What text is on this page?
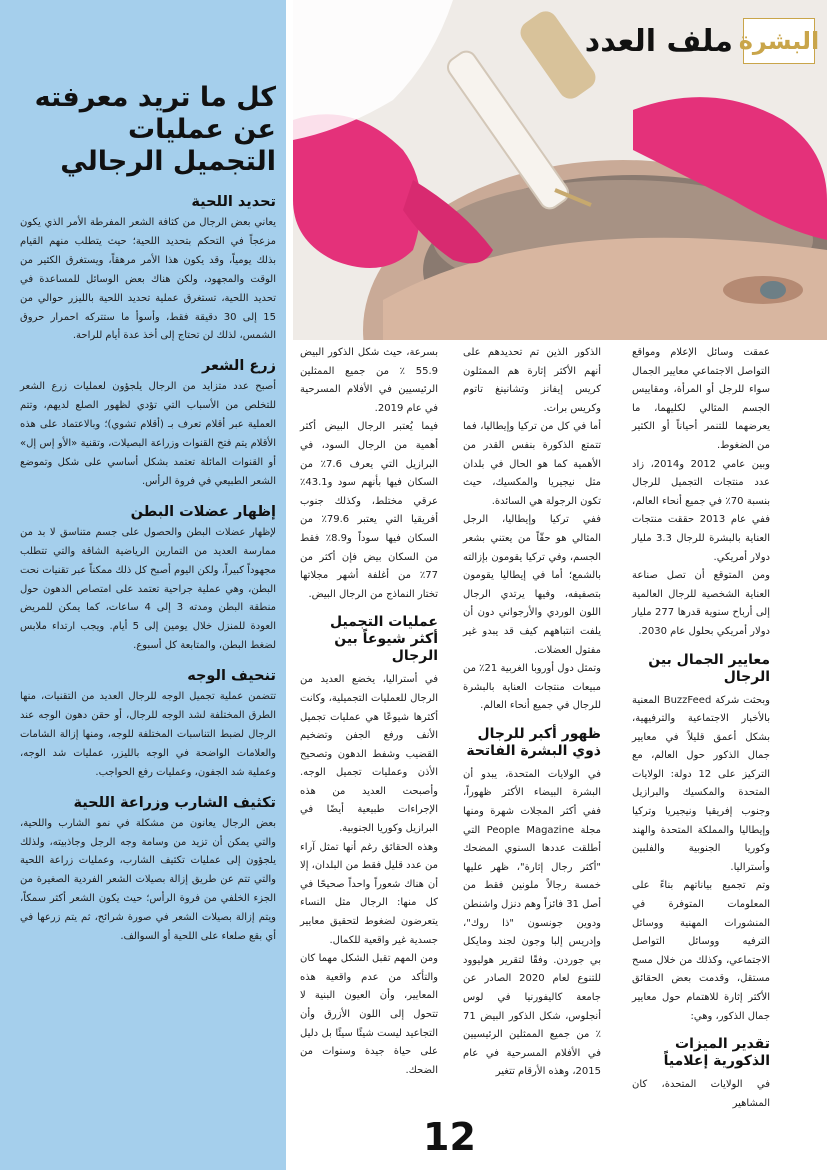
كل ما تريد معرفته عن عمليات التجميل الرجالي
تحديد اللحية

يعاني بعض الرجال من كثافة الشعر المفرطة الأمر الذي يكون مزعجاً في التحكم بتحديد اللحية؛ حيث يتطلب منهم القيام بذلك يومياً، وقد يكون هذا الأمر مرهقاً، ويستغرق الكثير من الوقت والمجهود، ولكن هناك بعض الوسائل للمساعدة في تحديد اللحية، تستغرق عملية تحديد اللحية بالليزر حوالي من 15 إلى 30 دقيقة فقط، وأسوأ ما ستتركه احمرار حروق الشمس، لذلك لن تحتاج إلى أخذ عدة أيام للراحة.

زرع الشعر

أصبح عدد متزايد من الرجال يلجؤون لعمليات زرع الشعر للتخلص من الأسباب التي تؤدي لظهور الصلع لديهم، وتتم العملية عبر أقلام تعرف بـ (أقلام تشوي)؛ وبالاعتماد على هذه الأقلام يتم فتح القنوات وزراعة البصيلات، وتقنية «الأو إس إل» أو القنوات المائلة تعتمد بشكل أساسي على شكل وتموضع الشعر الطبيعي في فروة الرأس.

إظهار عضلات البطن

لإظهار عضلات البطن والحصول على جسم متناسق لا بد من ممارسة العديد من التمارين الرياضية الشاقة والتي تتطلب مجهوداً كبيراً، ولكن اليوم أصبح كل ذلك ممكناً عبر تقنيات نحت البطن، وهي عملية جراحية تعتمد على امتصاص الدهون حول منطقة البطن ومدته 3 إلى 4 ساعات، كما يمكن للمريض العودة للمنزل خلال يومين إلى 5 أيام. ويجب ارتداء ملابس لضغط البطن، والمتابعة كل أسبوع.

تنحيف الوجه

تتضمن عملية تجميل الوجه للرجال العديد من التقنيات، منها الطرق المختلفة لشد الوجه للرجال، أو حقن دهون الوجه عند الرجال لضبط التناسبات المختلفة للوجه، ومنها إزالة الشامات والعلامات الواضحة في الوجه بالليزر، عمليات شد الوجه، وعملية شد الجفون، وعمليات رفع الحواجب.

تكثيف الشارب وزراعة اللحية

بعض الرجال يعانون من مشكلة في نمو الشارب واللحية، والتي يمكن أن تزيد من وسامة وجه الرجل وجاذبيته، ولذلك يلجؤون إلى عمليات تكثيف الشارب، وعمليات زراعة اللحية والتي تتم عن طريق إزالة بصيلات الشعر الفردية الصغيرة من الجزء الخلفي من فروة الرأس؛ حيث يكون الشعر أكثر سمكاً، ويتم إزالة بصيلات الشعر في صورة شرائح، ثم يتم زرعها في أي بقع صلعاء على اللحية أو السوالف.

البشرة
ملف العدد

عمقت وسائل الإعلام ومواقع التواصل الاجتماعي معايير الجمال سواء للرجل أو المرأة، ومقاييس الجسم المثالي لكليهما، ما يعرضهما للتنمر أحياناً أو الكثير من الضغوط.

وبين عامي 2012 و2014، زاد عدد منتجات التجميل للرجال بنسبة 70٪ في جميع أنحاء العالم، ففي عام 2013 حققت منتجات العناية بالبشرة للرجال 3.3 مليار دولار أمريكي.

ومن المتوقع أن تصل صناعة العناية الشخصية للرجال العالمية إلى أرباح سنوية قدرها 277 مليار دولار أمريكي بحلول عام 2030.

معايير الجمال بين الرجال

وبحثت شركة BuzzFeed المعنية بالأخبار الاجتماعية والترفيهية، بشكل أعمق قليلاً في معايير جمال الذكور حول العالم، مع التركيز على 12 دولة: الولايات المتحدة والمكسيك والبرازيل وجنوب إفريقيا ونيجيريا وتركيا وإيطاليا والمملكة المتحدة والهند وكوريا الجنوبية والفلبين وأستراليا.

وتم تجميع بياناتهم بناءً على المعلومات المتوفرة في المنشورات المهنية ووسائل الترفيه ووسائل التواصل الاجتماعي، وكذلك من خلال مسح مستقل، وقدمت بعض الحقائق الأكثر إثارة للاهتمام حول معايير جمال الذكور، وهي:

تقدير الميزات الذكورية إعلامياً

في الولايات المتحدة، كان المشاهير

الذكور الذين تم تحديدهم على أنهم الأكثر إثارة هم الممثلون كريس إيفانز وتشانينغ تاتوم وكريس برات.

أما في كل من تركيا وإيطاليا، فما تتمتع الذكورة بنفس القدر من الأهمية كما هو الحال في بلدان مثل نيجيريا والمكسيك، حيث تكون الرجولة هي السائدة.

ففي تركيا وإيطاليا، الرجل المثالي هو حقّاً من يعتني بشعر الجسم، وفي تركيا يقومون بإزالته بالشمع؛ أما في إيطاليا يقومون بتصفيفه، وفيها يرتدي الرجال اللون الوردي والأرجواني دون أن يلفت انتباههم كيف قد يبدو غير مفتول العضلات.

وتمثل دول أوروبا الغربية 21٪ من مبيعات منتجات العناية بالبشرة للرجال في جميع أنحاء العالم.

ظهور أكبر للرجال ذوي البشرة الفاتحة

في الولايات المتحدة، يبدو أن البشرة البيضاء الأكثر ظهوراً، ففي أكثر المجلات شهرة ومنها مجلة People Magazine التي أطلقت عددها السنوي المضحك "أكثر رجال إثارة"، ظهر عليها خمسة رجالاً ملونين فقط من أصل 31 فائزاً وهم دنزل واشنطن ودوين جونسون "ذا روك"، وإدريس إلبا وجون لجند ومايكل بي جوردن. وفقًا لتقرير هوليوود للتنوع لعام 2020 الصادر عن جامعة كاليفورنيا في لوس أنجلوس، شكل الذكور البيض 71 ٪ من جميع الممثلين الرئيسيين في الأفلام المسرحية في عام 2015، وهذه الأرقام تتغير

بسرعة، حيث شكل الذكور البيض 55.9 ٪ من جميع الممثلين الرئيسيين في الأفلام المسرحية في عام 2019.

فيما يُعتبر الرجال البيض أكثر أهمية من الرجال السود، في البرازيل التي يعرف 7.6٪ من السكان فيها بأنهم سود و43.1٪ عرقي مختلط، وكذلك جنوب أفريقيا التي يعتبر 79.6٪ من السكان فيها سوداً و8.9٪ فقط من السكان بيض فإن أكثر من 77٪ من أغلفة أشهر مجلاتها تختار النماذج من الرجال البيض.

عمليات التجميل أكثر شيوعاً بين الرجال

في أستراليا، يخضع العديد من الرجال للعمليات التجميلية، وكانت أكثرها شيوعًا هي عمليات تجميل الأنف ورفع الجفن وتضخيم القضيب وشفط الدهون وتصحيح الأذن وعمليات تجميل الوجه. وأصبحت العديد من هذه الإجراءات طبيعية أيضًا في البرازيل وكوريا الجنوبية.

وهذه الحقائق رغم أنها تمثل آراء من عدد قليل فقط من البلدان، إلا أن هناك شعوراً واحداً صحيحًا في كل منها: الرجال مثل النساء يتعرضون لضغوط لتحقيق معايير جسدية غير واقعية للكمال.

ومن المهم تقبل الشكل مهما كان والتأكد من عدم واقعية هذه المعايير، وأن العيون البنية لا تتحول إلى اللون الأزرق وأن التجاعيد ليست شيئًا سيئًا بل دليل على حياة جيدة وسنوات من الضحك.

12
